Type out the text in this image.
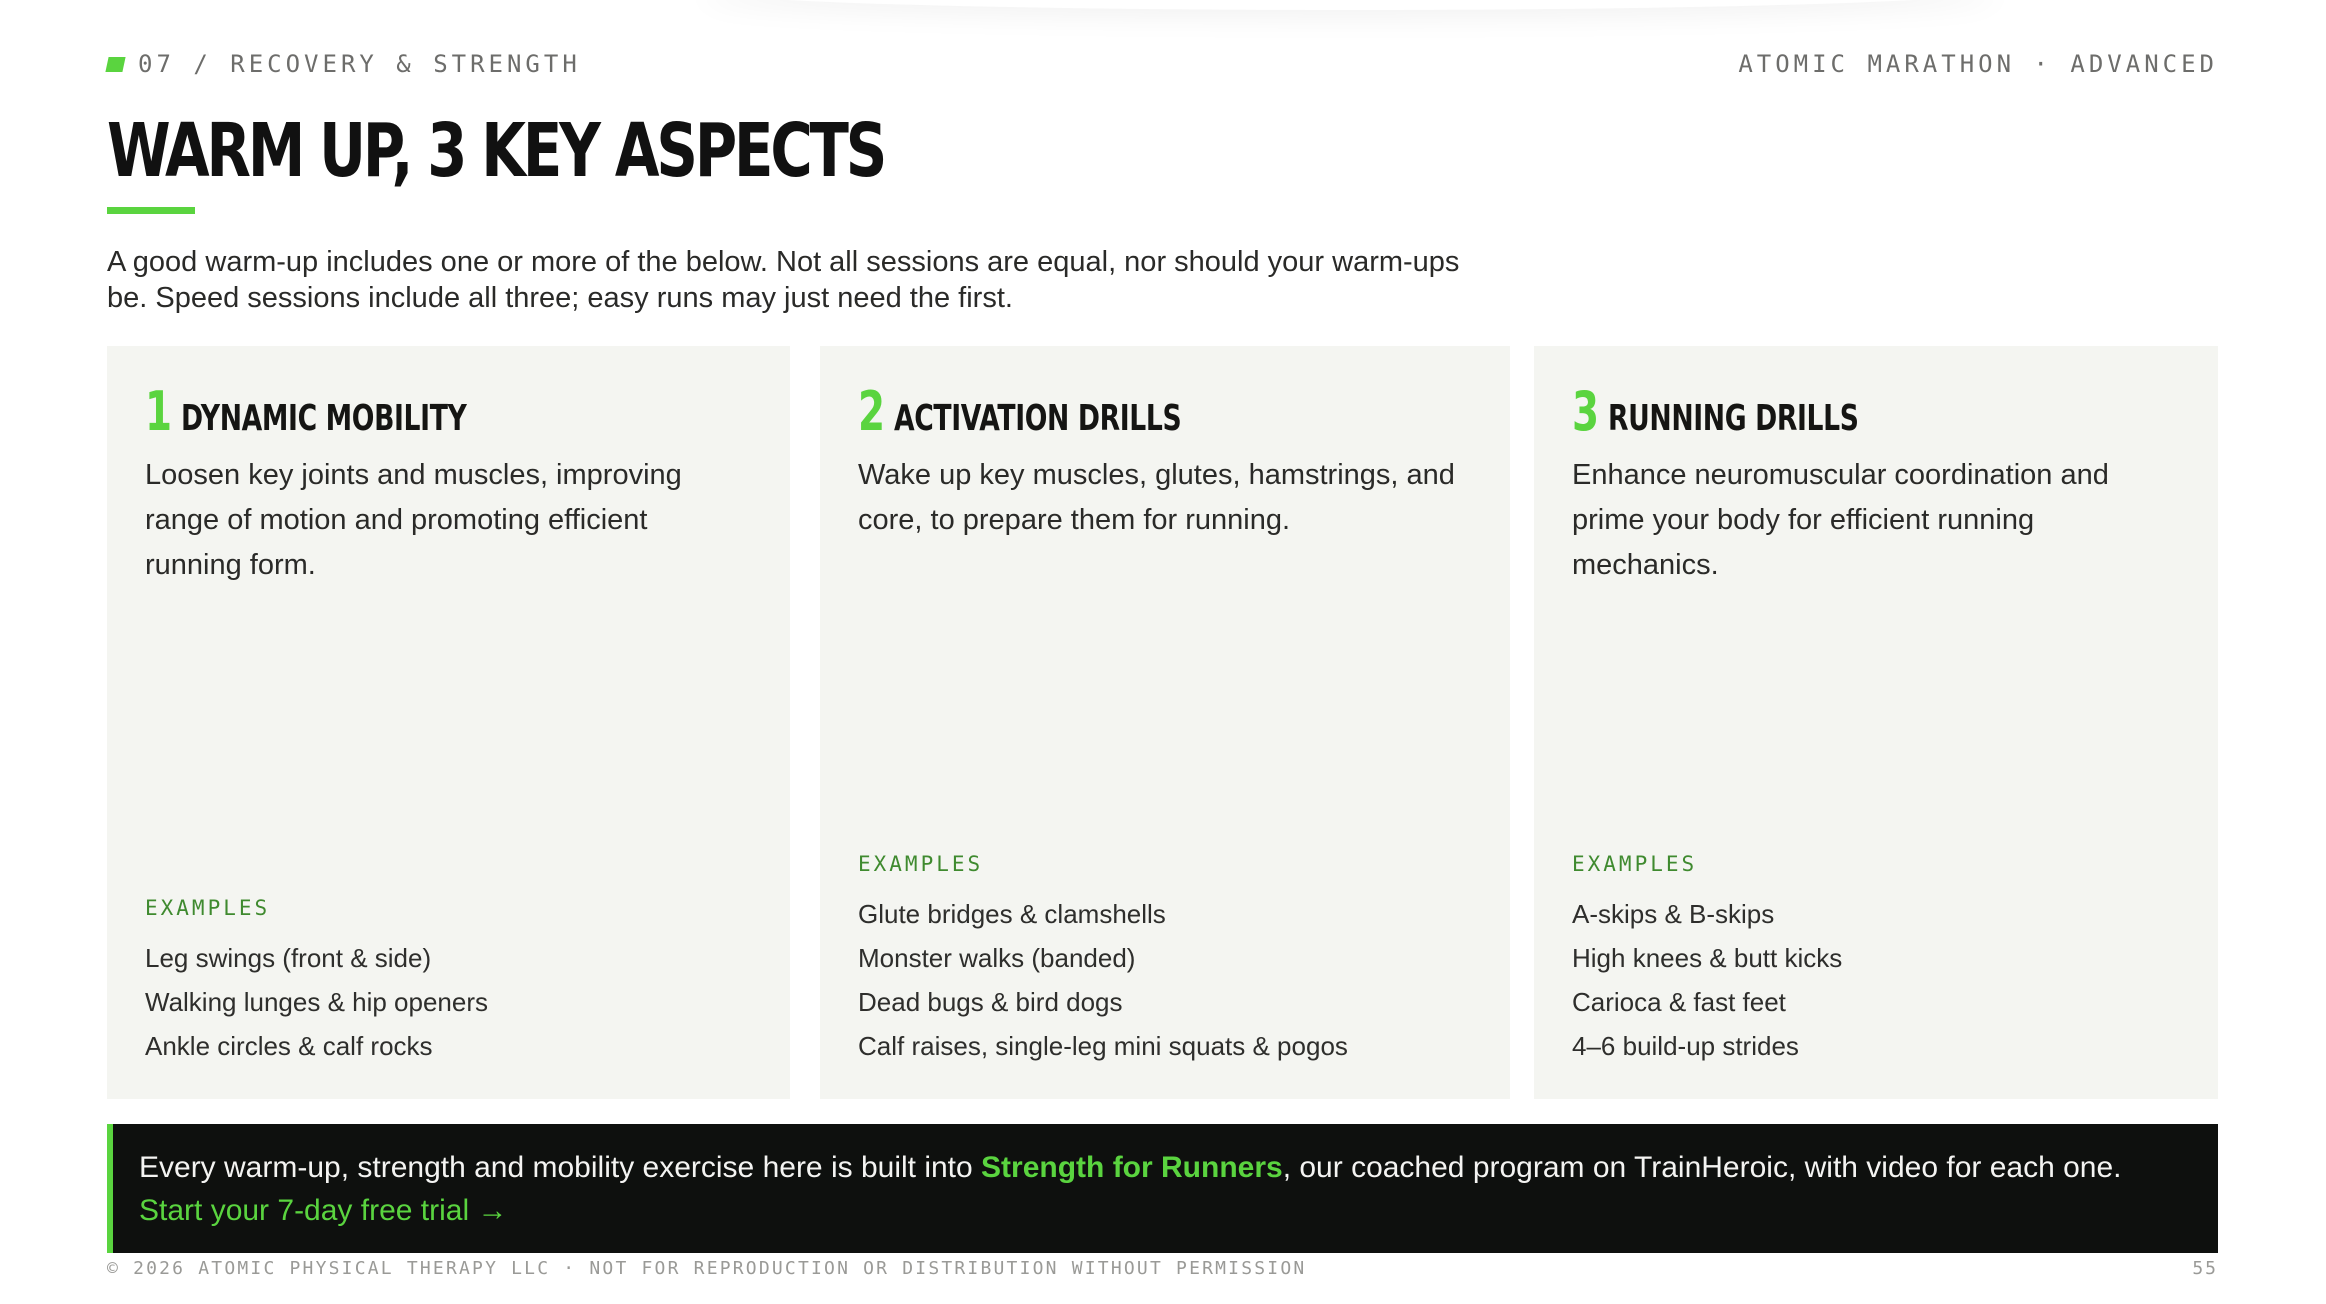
07 / RECOVERY & STRENGTH	ATOMIC MARATHON · ADVANCED
WARM UP, 3 KEY ASPECTS

A good warm-up includes one or more of the below. Not all sessions are equal, nor should your warm-ups be. Speed sessions include all three; easy runs may just need the first.

1 DYNAMIC MOBILITY

Loosen key joints and muscles, improving range of motion and promoting efficient running form.

EXAMPLES
Leg swings (front & side)
Walking lunges & hip openers
Ankle circles & calf rocks
2 ACTIVATION DRILLS

Wake up key muscles, glutes, hamstrings, and core, to prepare them for running.

EXAMPLES
Glute bridges & clamshells
Monster walks (banded)
Dead bugs & bird dogs
Calf raises, single-leg mini squats & pogos
3 RUNNING DRILLS

Enhance neuromuscular coordination and prime your body for efficient running mechanics.

EXAMPLES
A-skips & B-skips
High knees & butt kicks
Carioca & fast feet
4–6 build-up strides

Every warm-up, strength and mobility exercise here is built into Strength for Runners, our coached program on TrainHeroic, with video for each one. Start your 7-day free trial →

© 2026 ATOMIC PHYSICAL THERAPY LLC · NOT FOR REPRODUCTION OR DISTRIBUTION WITHOUT PERMISSION	55
